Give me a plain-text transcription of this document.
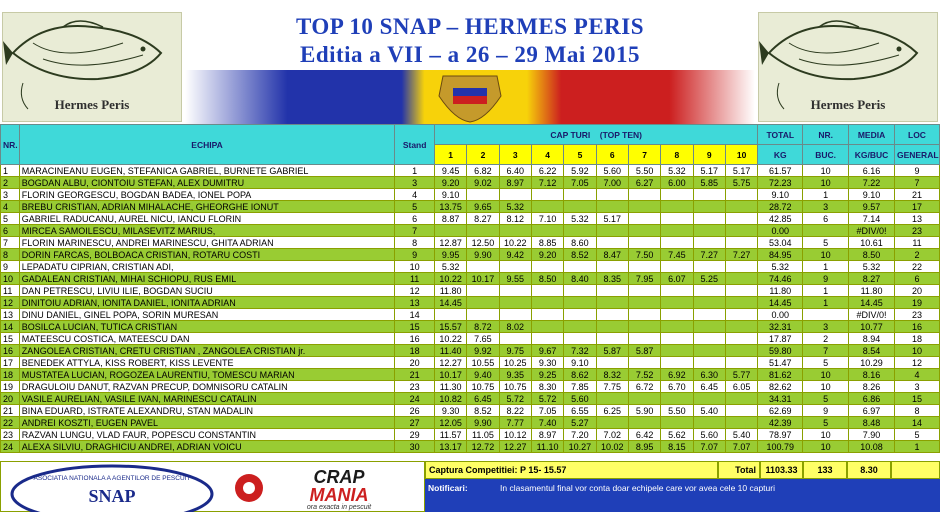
Hermes Peris
TOP 10 SNAP – HERMES PERIS
Editia a VII – a 26 – 29 Mai 2015
Hermes Peris
NR.	ECHIPA	Stand	CAP TURI (TOP TEN)										TOTAL	NR.	MEDIA	LOC
			1	2	3	4	5	6	7	8	9	10	KG	BUC.	KG/BUC	GENERAL
1	MARACINEANU EUGEN, STEFANICA GABRIEL, BURNETE GABRIEL	1	9.45	6.82	6.40	6.22	5.92	5.60	5.50	5.32	5.17	5.17	61.57	10	6.16	9
2	BOGDAN ALBU, CIONTOIU STEFAN, ALEX DUMITRU	3	9.20	9.02	8.97	7.12	7.05	7.00	6.27	6.00	5.85	5.75	72.23	10	7.22	7
3	FLORIN GEORGESCU, BOGDAN BADEA, IONEL POPA	4	9.10										9.10	1	9.10	21
4	BREBU CRISTIAN, ADRIAN MIHALACHE, GHEORGHE IONUT	5	13.75	9.65	5.32								28.72	3	9.57	17
5	GABRIEL RADUCANU, AUREL NICU, IANCU FLORIN	6	8.87	8.27	8.12	7.10	5.32	5.17					42.85	6	7.14	13
6	MIRCEA SAMOILESCU, MILASEVITZ MARIUS,	7											0.00		#DIV/0!	23
7	FLORIN MARINESCU, ANDREI MARINESCU, GHITA ADRIAN	8	12.87	12.50	10.22	8.85	8.60						53.04	5	10.61	11
8	DORIN FARCAS, BOLBOACA CRISTIAN, ROTARU COSTI	9	9.95	9.90	9.42	9.20	8.52	8.47	7.50	7.45	7.27	7.27	84.95	10	8.50	2
9	LEPADATU CIPRIAN, CRISTIAN ADI,	10	5.32										5.32	1	5.32	22
10	GADALEAN CRISTIAN, MIHAI SCHIOPU, RUS EMIL	11	10.22	10.17	9.55	8.50	8.40	8.35	7.95	6.07	5.25		74.46	9	8.27	6
11	DAN PETRESCU, LIVIU ILIE, BOGDAN SUCIU	12	11.80										11.80	1	11.80	20
12	DINITOIU ADRIAN, IONITA DANIEL, IONITA ADRIAN	13	14.45										14.45	1	14.45	19
13	DINU DANIEL, GINEL POPA, SORIN MURESAN	14											0.00		#DIV/0!	23
14	BOSILCA LUCIAN, TUTICA CRISTIAN	15	15.57	8.72	8.02								32.31	3	10.77	16
15	MATEESCU COSTICA, MATEESCU DAN	16	10.22	7.65									17.87	2	8.94	18
16	ZANGOLEA CRISTIAN, CRETU CRISTIAN , ZANGOLEA CRISTIAN jr.	18	11.40	9.92	9.75	9.67	7.32	5.87	5.87				59.80	7	8.54	10
17	BENEDEK ATTYLA, KISS ROBERT, KISS LEVENTE	20	12.27	10.55	10.25	9.30	9.10						51.47	5	10.29	12
18	MUSTATEA LUCIAN, ROGOZEA LAURENTIU, TOMESCU MARIAN	21	10.17	9.40	9.35	9.25	8.62	8.32	7.52	6.92	6.30	5.77	81.62	10	8.16	4
19	DRAGULOIU DANUT, RAZVAN PRECUP, DOMNISORU CATALIN	23	11.30	10.75	10.75	8.30	7.85	7.75	6.72	6.70	6.45	6.05	82.62	10	8.26	3
20	VASILE AURELIAN, VASILE IVAN, MARINESCU CATALIN	24	10.82	6.45	5.72	5.72	5.60						34.31	5	6.86	15
21	BINA EDUARD, ISTRATE ALEXANDRU, STAN MADALIN	26	9.30	8.52	8.22	7.05	6.55	6.25	5.90	5.50	5.40		62.69	9	6.97	8
22	ANDREI KOSZTI, EUGEN PAVEL	27	12.05	9.90	7.77	7.40	5.27						42.39	5	8.48	14
23	RAZVAN LUNGU, VLAD FAUR, POPESCU CONSTANTIN	29	11.57	11.05	10.12	8.97	7.20	7.02	6.42	5.62	5.60	5.40	78.97	10	7.90	5
24	ALEXA SILVIU, DRAGHICIU ANDREI, ADRIAN VOICU	30	13.17	12.72	12.27	11.10	10.27	10.02	8.95	8.15	7.07	7.07	100.79	10	10.08	1
ASOCIATIA NATIONALA A AGENTILOR DE PESCUIT
SNAP
CRAP
MANIA
ora exacta in pescuit
Captura Competitiei: P 15- 15.57	Total	1103.33	133	8.30
Notificari:	In clasamentul final vor conta doar echipele care vor avea cele 10 capturi
